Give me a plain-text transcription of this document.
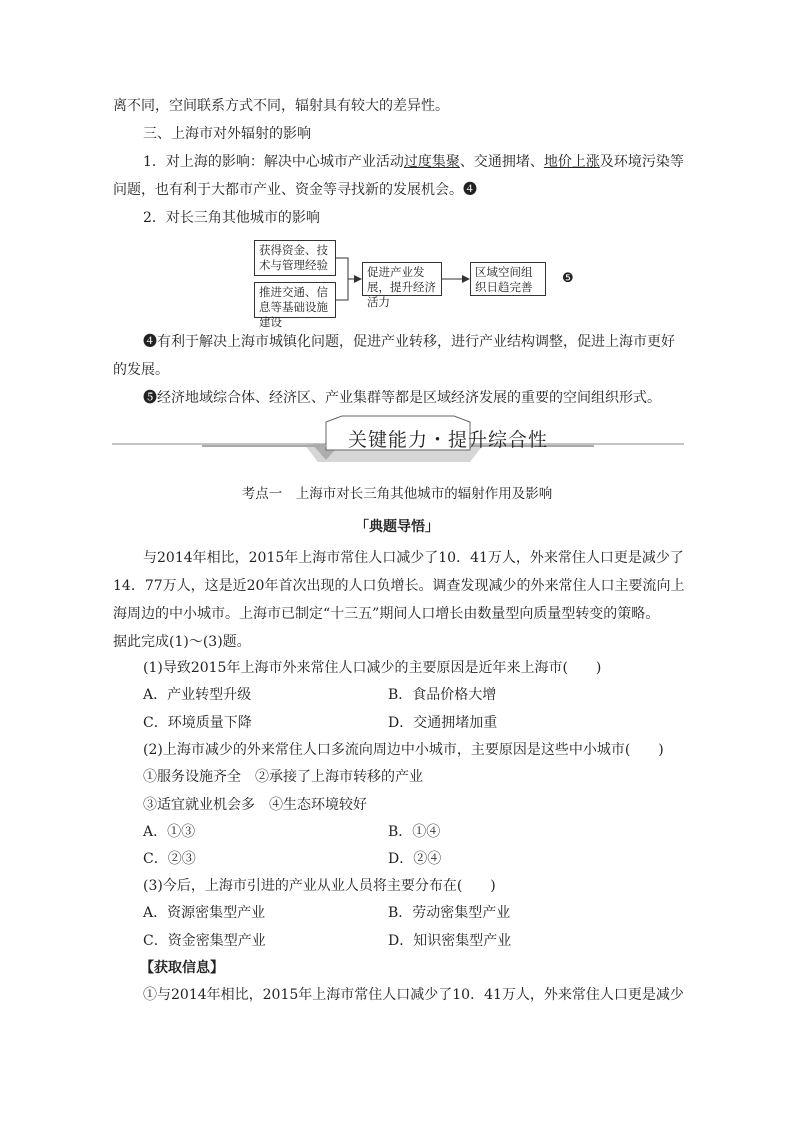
离不同，空间联系方式不同，辐射具有较大的差异性。
三、上海市对外辐射的影响
1．对上海的影响：解决中心城市产业活动过度集聚、交通拥堵、地价上涨及环境污染等
问题，也有利于大都市产业、资金等寻找新的发展机会。❹
2．对长三角其他城市的影响
获得资金、技术与管理经验
推进交通、信息等基础设施建设
促进产业发展，提升经济活力
区域空间组织日趋完善
❺
❹有利于解决上海市城镇化问题，促进产业转移，进行产业结构调整，促进上海市更好
的发展。
❺经济地域综合体、经济区、产业集群等都是区域经济发展的重要的空间组织形式。
关键能力・提升综合性
考点一　上海市对长三角其他城市的辐射作用及影响
「典题导悟」
与2014年相比，2015年上海市常住人口减少了10．41万人，外来常住人口更是减少了
14．77万人，这是近20年首次出现的人口负增长。调查发现减少的外来常住人口主要流向上
海周边的中小城市。上海市已制定“十三五”期间人口增长由数量型向质量型转变的策略。
据此完成(1)～(3)题。
(1)导致2015年上海市外来常住人口减少的主要原因是近年来上海市(　　)
A．产业转型升级	B．食品价格大增
C．环境质量下降	D．交通拥堵加重
(2)上海市减少的外来常住人口多流向周边中小城市，主要原因是这些中小城市(　　)
①服务设施齐全　②承接了上海市转移的产业
③适宜就业机会多　④生态环境较好
A．①③	B．①④
C．②③	D．②④
(3)今后，上海市引进的产业从业人员将主要分布在(　　)
A．资源密集型产业	B．劳动密集型产业
C．资金密集型产业	D．知识密集型产业
【获取信息】
①与2014年相比，2015年上海市常住人口减少了10．41万人，外来常住人口更是减少
